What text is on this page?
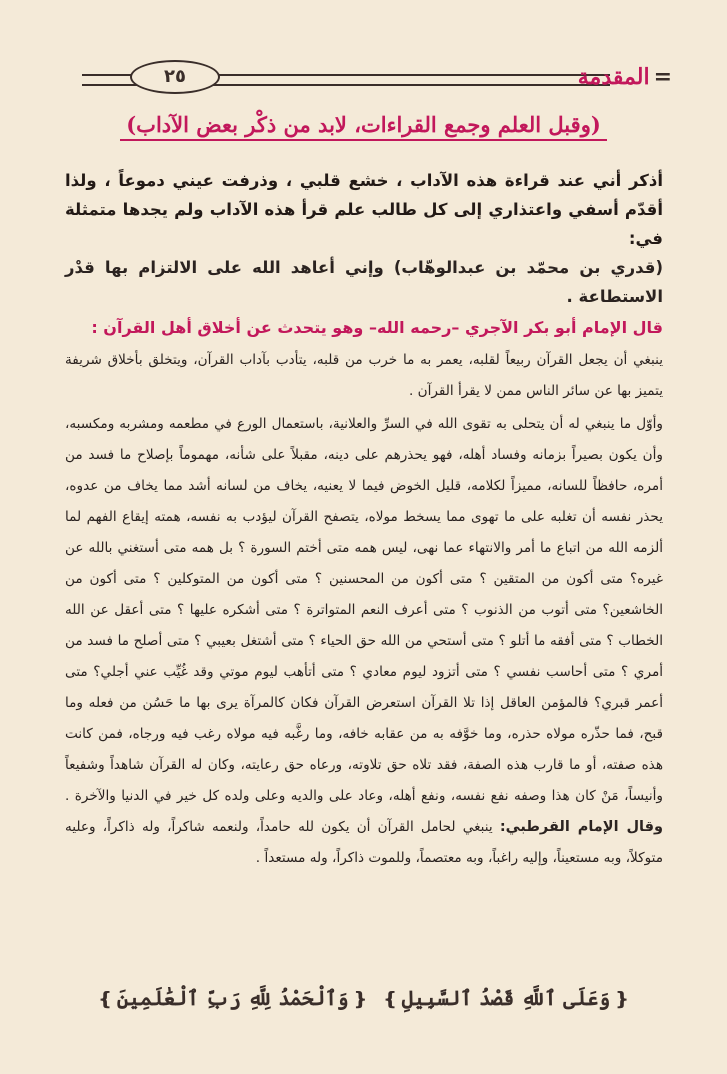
٢٥	=المقدمة
(وقبل العلم وجمع القراءات، لابد من ذكْر بعض الآداب)

أذكر أني عند قراءة هذه الآداب ، خشع قلبي ، وذرفت عيني دموعاً ، ولذا أقدّم أسفي واعتذاري إلى كل طالب علم قرأ هذه الآداب ولم يجدها متمثلة في:

(قدري بن محمّد بن عبدالوهّاب) وإني أعاهد الله على الالتزام بها قدْر الاستطاعة .

قال الإمام أبو بكر الآجري –رحمه الله– وهو يتحدث عن أخلاق أهل القرآن :

ينبغي أن يجعل القرآن ربيعاً لقلبه، يعمر به ما خرب من قلبه، يتأدب بآداب القرآن، ويتخلق بأخلاق شريفة يتميز بها عن سائر الناس ممن لا يقرأ القرآن .

وأوّل ما ينبغي له أن يتحلى به تقوى الله في السرِّ والعلانية، باستعمال الورع في مطعمه ومشربه ومكسبه، وأن يكون بصيراً بزمانه وفساد أهله، فهو يحذرهم على دينه، مقبلاً على شأنه، مهموماً بإصلاح ما فسد من أمره، حافظاً للسانه، مميزاً لكلامه، قليل الخوض فيما لا يعنيه، يخاف من لسانه أشد مما يخاف من عدوه، يحذر نفسه أن تغلبه على ما تهوى مما يسخط مولاه، يتصفح القرآن ليؤدب به نفسه، همته إيقاع الفهم لما ألزمه الله من اتباع ما أمر والانتهاء عما نهى، ليس همه متى أختم السورة ؟ بل همه متى أستغني بالله عن غيره؟ متى أكون من المتقين ؟ متى أكون من المحسنين ؟ متى أكون من المتوكلين ؟ متى أكون من الخاشعين؟ متى أتوب من الذنوب ؟ متى أعرف النعم المتواترة ؟ متى أشكره عليها ؟ متى أعقل عن الله الخطاب ؟ متى أفقه ما أتلو ؟ متى أستحي من الله حق الحياء ؟ متى أشتغل بعيبي ؟ متى أصلح ما فسد من أمري ؟ متى أحاسب نفسي ؟ متى أتزود ليوم معادي ؟ متى أتأهب ليوم موتي وقد غُيِّب عني أجلي؟ متى أعمر قبري؟ فالمؤمن العاقل إذا تلا القرآن استعرض القرآن فكان كالمرآة يرى بها ما حَسُن من فعله وما قبح، فما حذّره مولاه حذره، وما خوَّفه به من عقابه خافه، وما رغَّبه فيه مولاه رغب فيه ورجاه، فمن كانت هذه صفته، أو ما قارب هذه الصفة، فقد تلاه حق تلاوته، ورعاه حق رعايته، وكان له القرآن شاهداً وشفيعاً وأنيساً، مَنْ كان هذا وصفه نفع نفسه، ونفع أهله، وعاد على والديه وعلى ولده كل خير في الدنيا والآخرة . وقال الإمام القرطبي: ينبغي لحامل القرآن أن يكون لله حامداً، ولنعمه شاكراً، وله ذاكراً، وعليه متوكلاً، وبه مستعيناً، وإليه راغباً، وبه معتصماً، وللموت ذاكراً، وله مستعداً .

❴وَعَلَى ٱللَّهِ قَصْدُ ٱلسَّبِيلِ❵ ❴وَٱلْحَمْدُ لِلَّهِ رَبِّ ٱلْعَٰلَمِينَ❵
